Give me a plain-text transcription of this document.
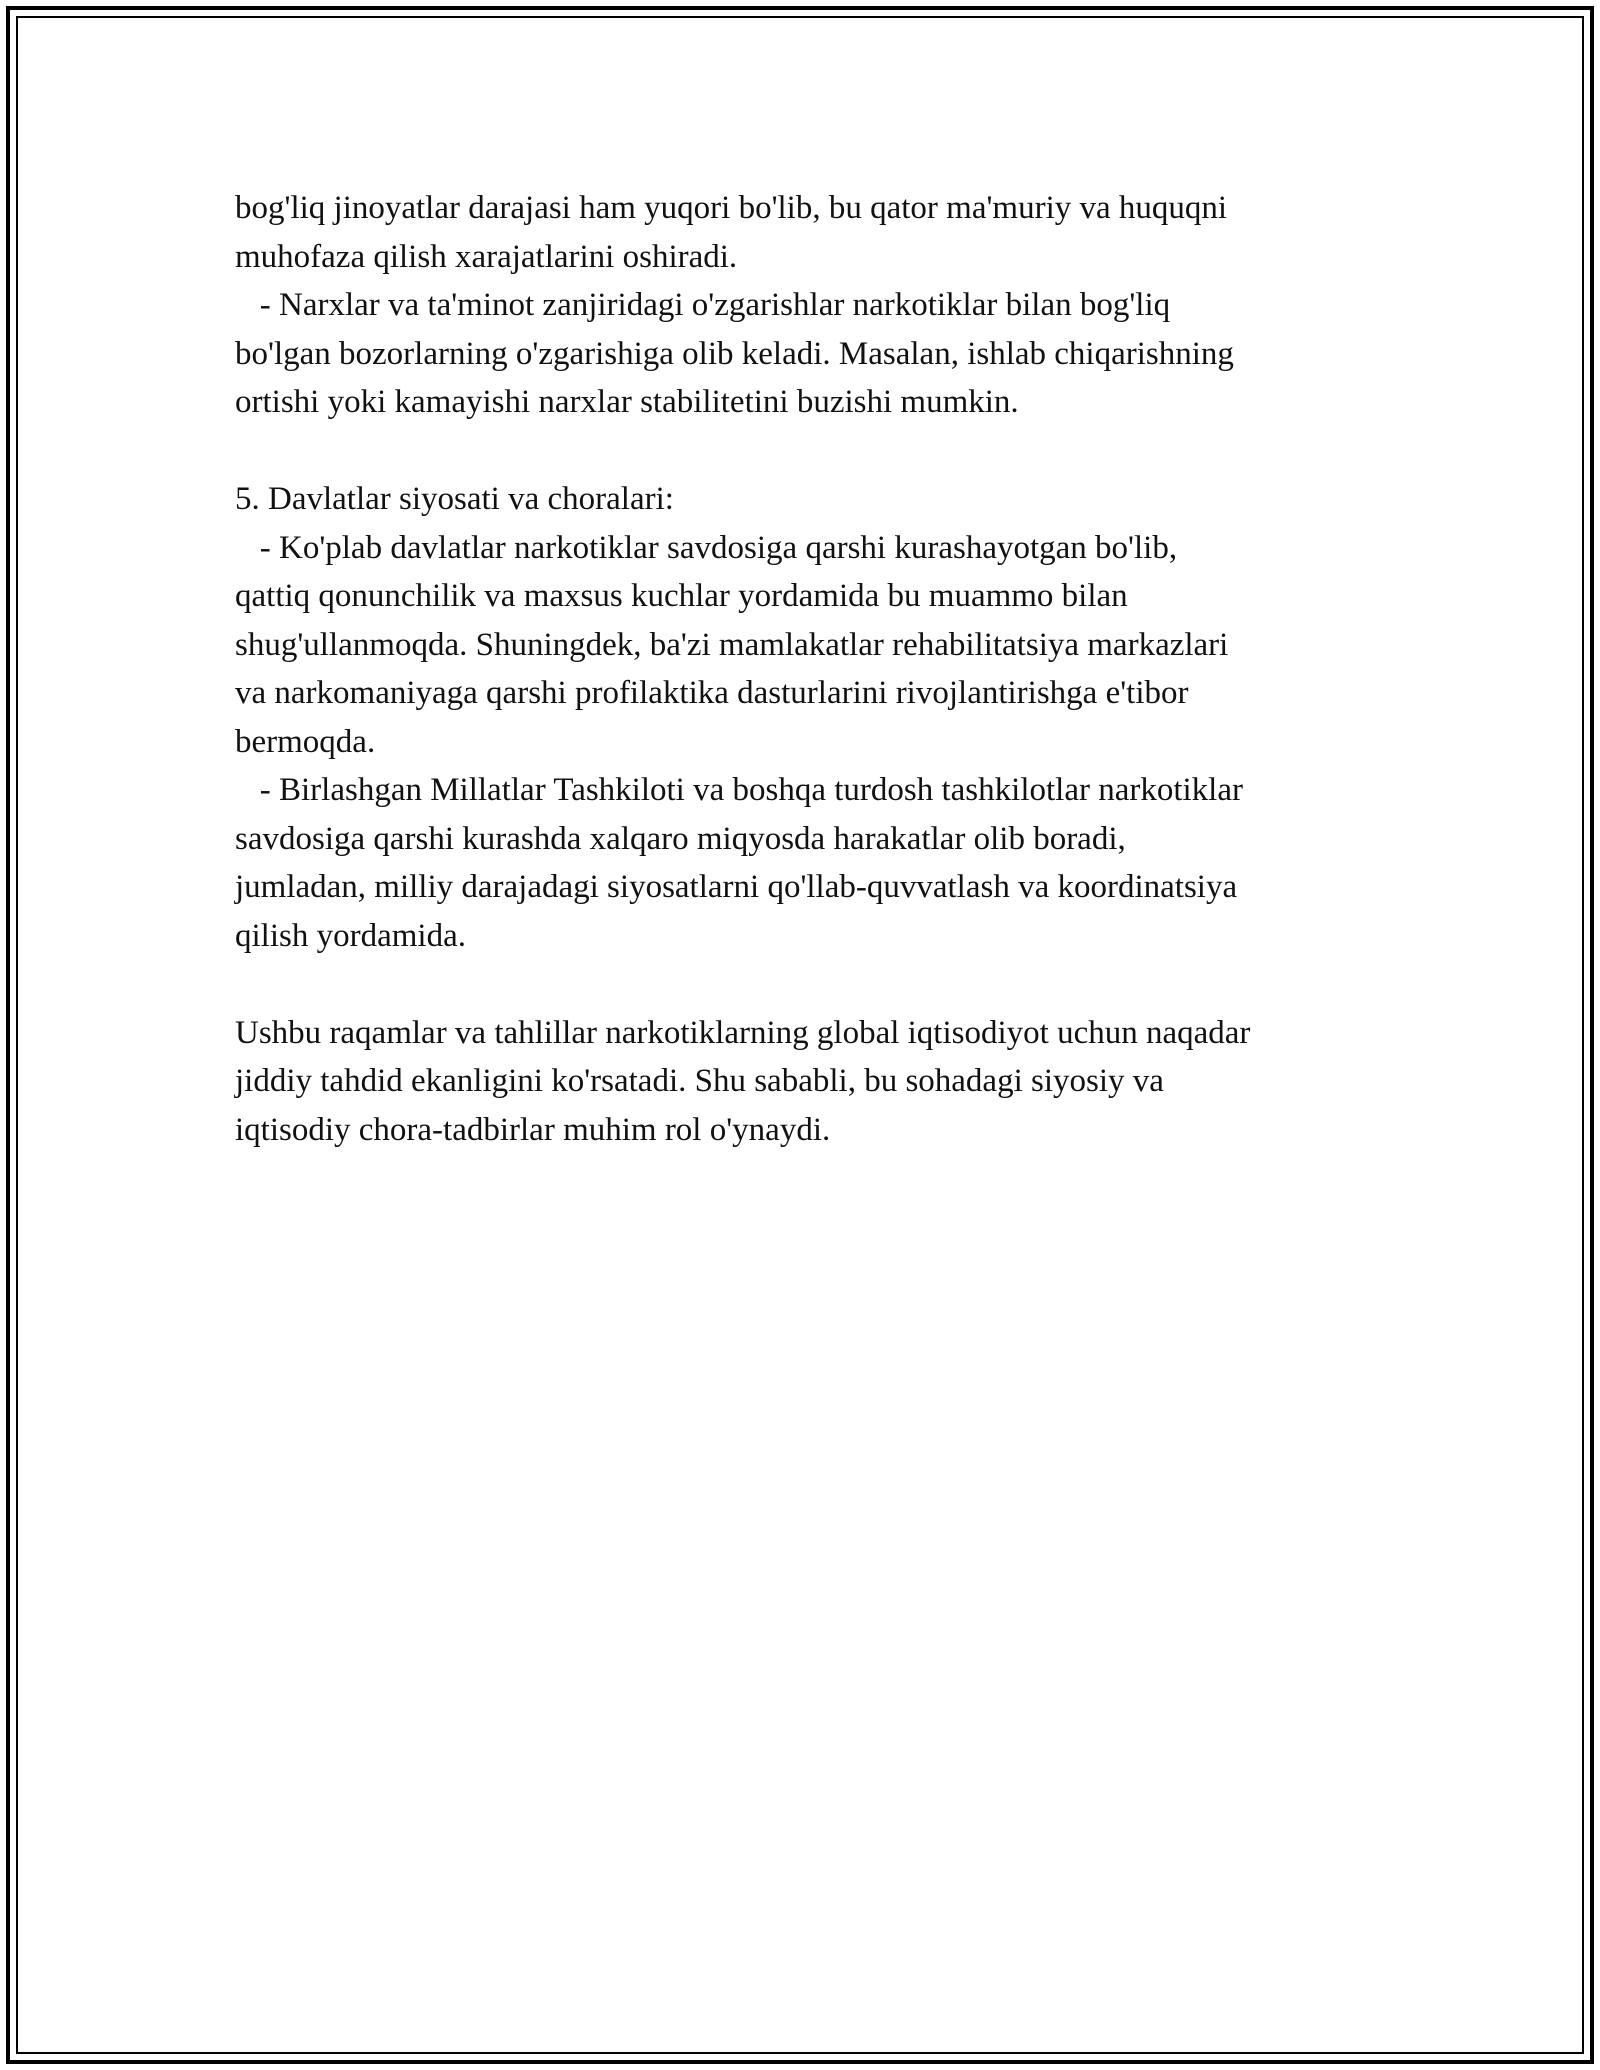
bog'liq jinoyatlar darajasi ham yuqori bo'lib, bu qator ma'muriy va huquqni
muhofaza qilish xarajatlarini oshiradi.
- Narxlar va ta'minot zanjiridagi o'zgarishlar narkotiklar bilan bog'liq
bo'lgan bozorlarning o'zgarishiga olib keladi. Masalan, ishlab chiqarishning
ortishi yoki kamayishi narxlar stabilitetini buzishi mumkin.
5. Davlatlar siyosati va choralari:
- Ko'plab davlatlar narkotiklar savdosiga qarshi kurashayotgan bo'lib,
qattiq qonunchilik va maxsus kuchlar yordamida bu muammo bilan
shug'ullanmoqda. Shuningdek, ba'zi mamlakatlar rehabilitatsiya markazlari
va narkomaniyaga qarshi profilaktika dasturlarini rivojlantirishga e'tibor
bermoqda.
- Birlashgan Millatlar Tashkiloti va boshqa turdosh tashkilotlar narkotiklar
savdosiga qarshi kurashda xalqaro miqyosda harakatlar olib boradi,
jumladan, milliy darajadagi siyosatlarni qo'llab-quvvatlash va koordinatsiya
qilish yordamida.
Ushbu raqamlar va tahlillar narkotiklarning global iqtisodiyot uchun naqadar
jiddiy tahdid ekanligini ko'rsatadi. Shu sababli, bu sohadagi siyosiy va
iqtisodiy chora-tadbirlar muhim rol o'ynaydi.
